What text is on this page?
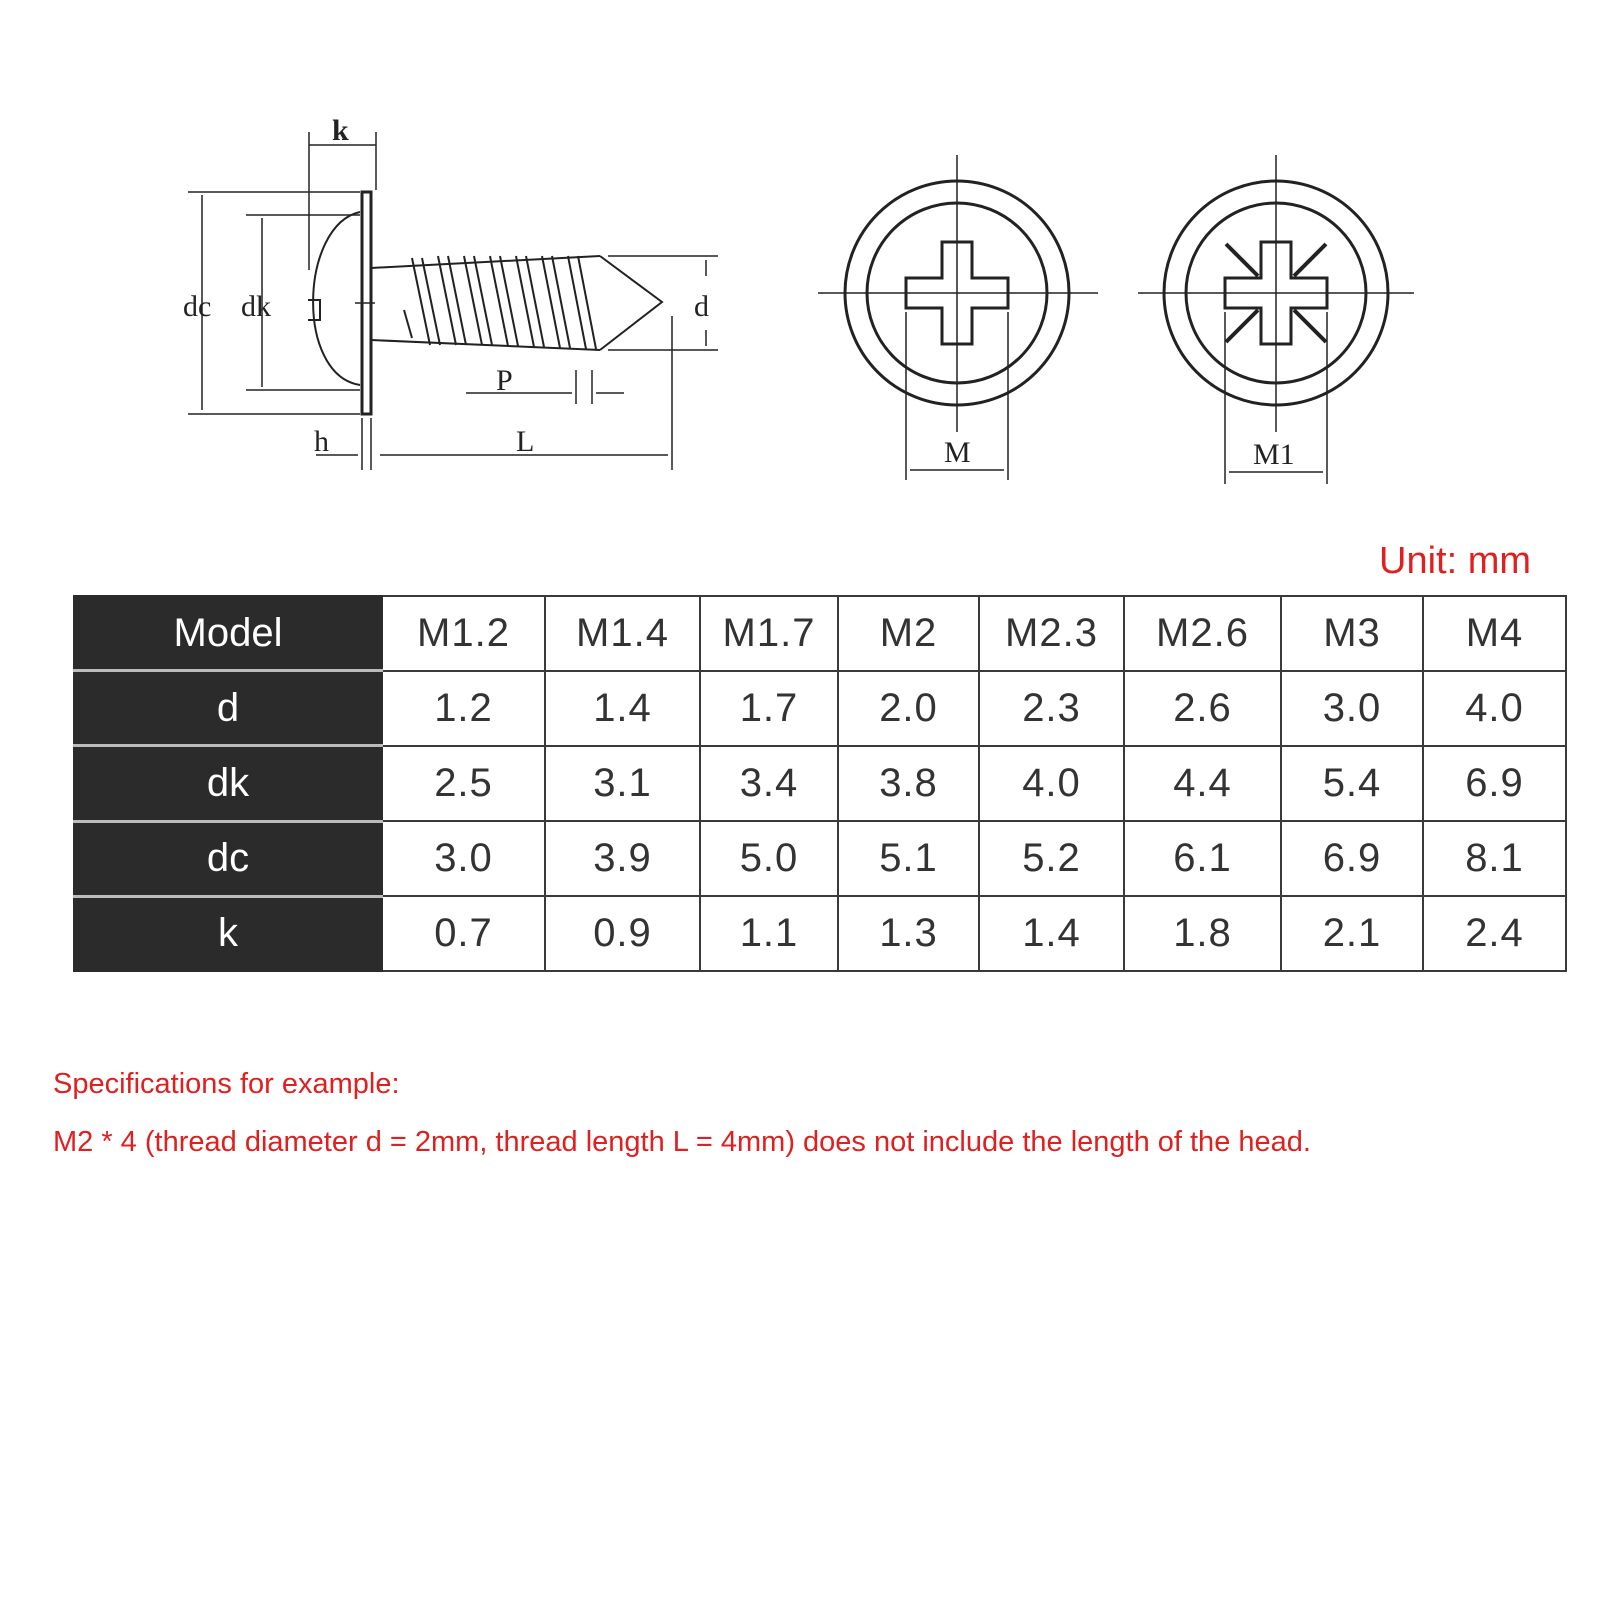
k
dc dk	d
P
h	L	M	M1
Unit: mm
Model	M1.2	M1.4	M1.7	M2	M2.3	M2.6	M3	M4
d	1.2	1.4	1.7	2.0	2.3	2.6	3.0	4.0
dk	2.5	3.1	3.4	3.8	4.0	4.4	5.4	6.9
dc	3.0	3.9	5.0	5.1	5.2	6.1	6.9	8.1
k	0.7	0.9	1.1	1.3	1.4	1.8	2.1	2.4
Specifications for example:
M2 * 4 (thread diameter d = 2mm, thread length L = 4mm) does not include the length of the head.
